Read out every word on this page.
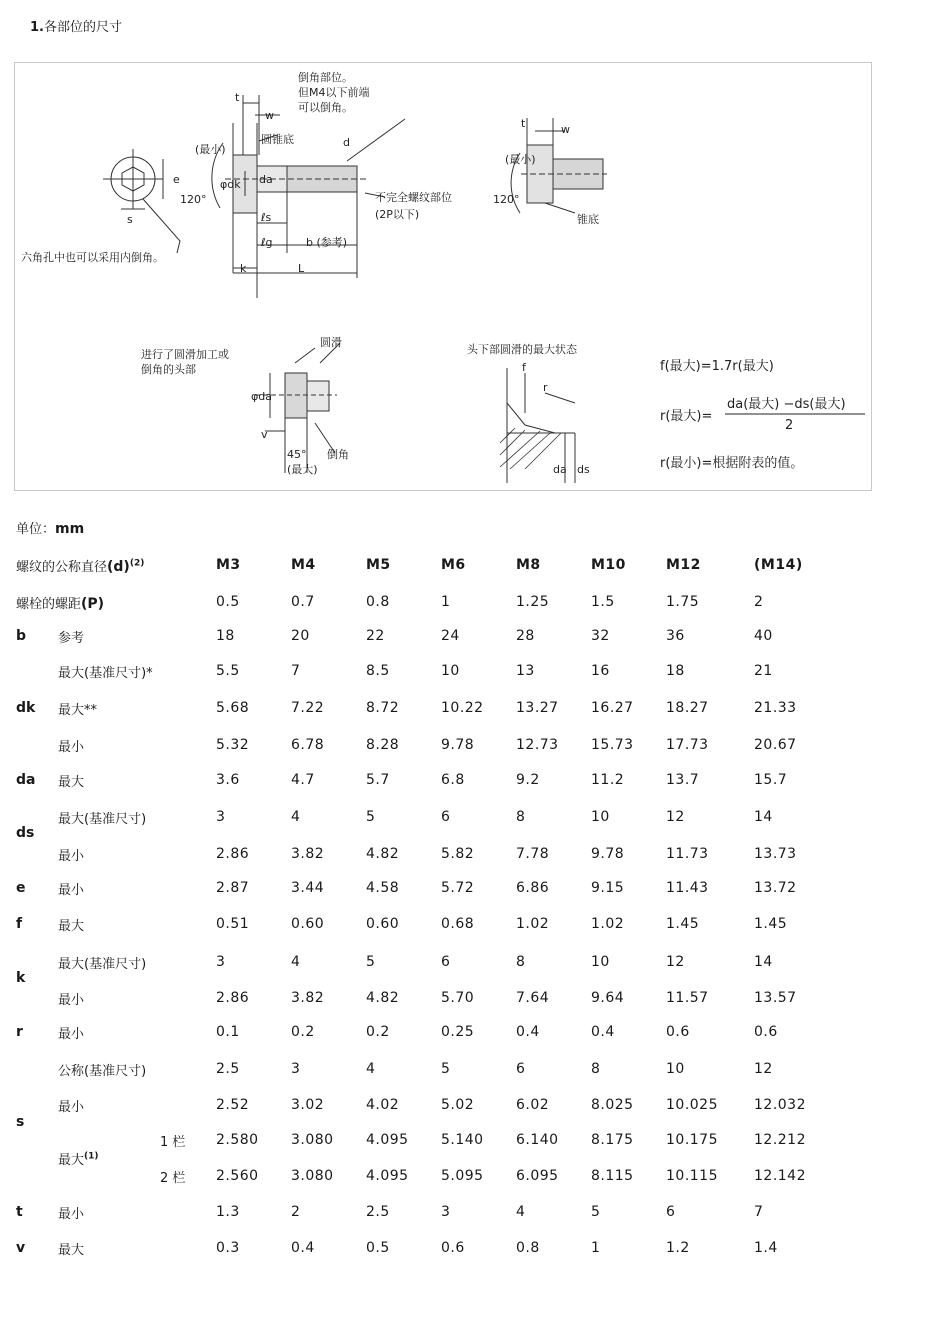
1.各部位的尺寸
倒角部位。
但M4以下前端
可以倒角。
圆锥底
不完全螺纹部位
(2P以下)
六角孔中也可以采用内倒角。
b (参考)
L
k
d
w
t
ℓs
ℓg
e
s
(最小)
120°
φdk da
(最小)
120°
w
t
锥底
圆滑
进行了圆滑加工或
倒角的头部
倒角
45°
(最大)
v
φda
头下部圆滑的最大状态
f
r
da ds
f(最大)=1.7r(最大)
r(最大)=
da(最大) −ds(最大)
2
r(最小)=根据附表的值。
单位：mm
螺纹的公称直径$(d)^{(2)}$			M3	M4	M5	M6	M8	M10	M12	(M14)
螺栓的螺距(P)			0.5	0.7	0.8	1	1.25	1.5	1.75	2
b	参考		18	20	22	24	28	32	36	40
	最大(基准尺寸)*		5.5	7	8.5	10	13	16	18	21
dk	最大**		5.68	7.22	8.72	10.22	13.27	16.27	18.27	21.33
	最小		5.32	6.78	8.28	9.78	12.73	15.73	17.73	20.67
da	最大		3.6	4.7	5.7	6.8	9.2	11.2	13.7	15.7
ds	最大(基准尺寸)		3	4	5	6	8	10	12	14
	最小		2.86	3.82	4.82	5.82	7.78	9.78	11.73	13.73
e	最小		2.87	3.44	4.58	5.72	6.86	9.15	11.43	13.72
f	最大		0.51	0.60	0.60	0.68	1.02	1.02	1.45	1.45
k	最大(基准尺寸)		3	4	5	6	8	10	12	14
	最小		2.86	3.82	4.82	5.70	7.64	9.64	11.57	13.57
r	最小		0.1	0.2	0.2	0.25	0.4	0.4	0.6	0.6
s	公称(基准尺寸)		2.5	3	4	5	6	8	10	12
	最小		2.52	3.02	4.02	5.02	6.02	8.025	10.025	12.032
	最大$^{(1)}$	1 栏	2.580	3.080	4.095	5.140	6.140	8.175	10.175	12.212
		2 栏	2.560	3.080	4.095	5.095	6.095	8.115	10.115	12.142
t	最小		1.3	2	2.5	3	4	5	6	7
v	最大		0.3	0.4	0.5	0.6	0.8	1	1.2	1.4
